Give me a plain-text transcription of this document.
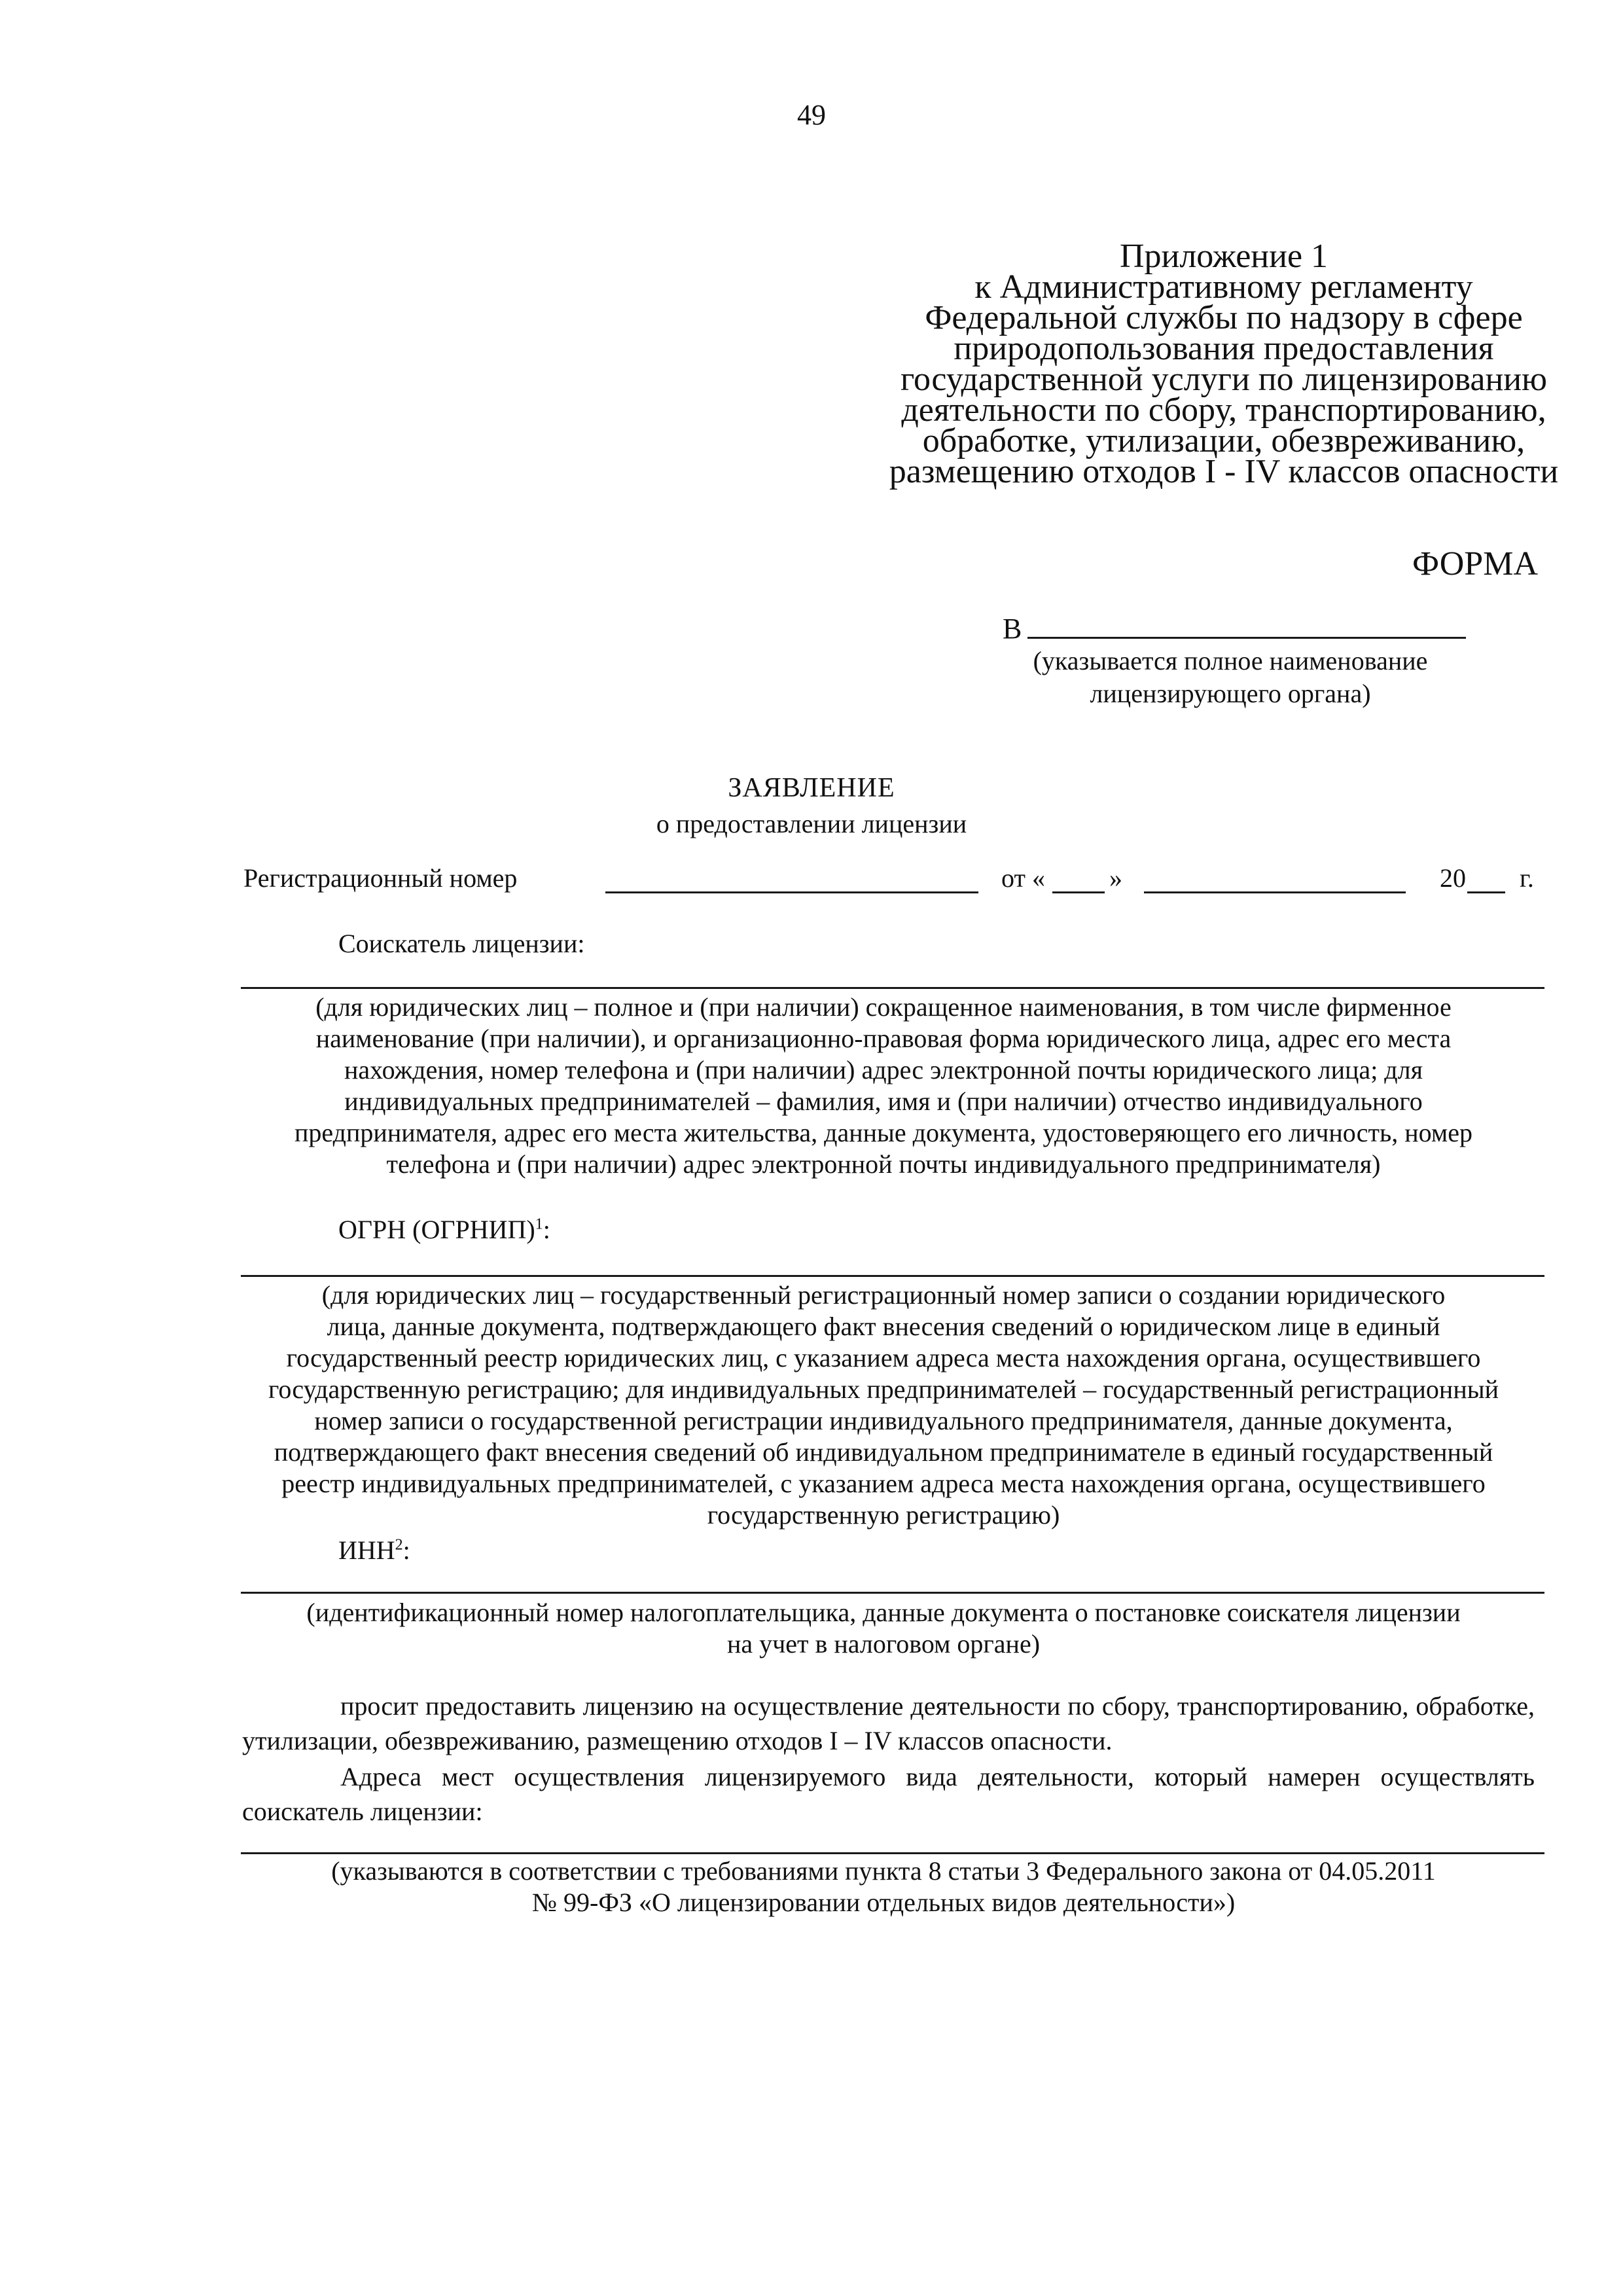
49
Приложение 1
к Административному регламенту
Федеральной службы по надзору в сфере
природопользования предоставления
государственной услуги по лицензированию
деятельности по сбору, транспортированию,
обработке, утилизации, обезвреживанию,
размещению отходов I - IV классов опасности
ФОРМА
В
(указывается полное наименование
лицензирующего органа)
ЗАЯВЛЕНИЕ
о предоставлении лицензии
Регистрационный номер	от « »	20 г.
Соискатель лицензии:
(для юридических лиц – полное и (при наличии) сокращенное наименования, в том числе фирменное
наименование (при наличии), и организационно-правовая форма юридического лица, адрес его места
нахождения, номер телефона и (при наличии) адрес электронной почты юридического лица; для
индивидуальных предпринимателей – фамилия, имя и (при наличии) отчество индивидуального
предпринимателя, адрес его места жительства, данные документа, удостоверяющего его личность, номер
телефона и (при наличии) адрес электронной почты индивидуального предпринимателя)
ОГРН (ОГРНИП)$^1$:
(для юридических лиц – государственный регистрационный номер записи о создании юридического
лица, данные документа, подтверждающего факт внесения сведений о юридическом лице в единый
государственный реестр юридических лиц, с указанием адреса места нахождения органа, осуществившего
государственную регистрацию; для индивидуальных предпринимателей – государственный регистрационный
номер записи о государственной регистрации индивидуального предпринимателя, данные документа,
подтверждающего факт внесения сведений об индивидуальном предпринимателе в единый государственный
реестр индивидуальных предпринимателей, с указанием адреса места нахождения органа, осуществившего
государственную регистрацию)
ИНН$^2$:
(идентификационный номер налогоплательщика, данные документа о постановке соискателя лицензии
на учет в налоговом органе)
просит предоставить лицензию на осуществление деятельности по сбору, транспортированию, обработке, утилизации, обезвреживанию, размещению отходов I – IV классов опасности.
Адреса мест осуществления лицензируемого вида деятельности, который намерен осуществлять соискатель лицензии:
(указываются в соответствии с требованиями пункта 8 статьи 3 Федерального закона от 04.05.2011
№ 99-ФЗ «О лицензировании отдельных видов деятельности»)
